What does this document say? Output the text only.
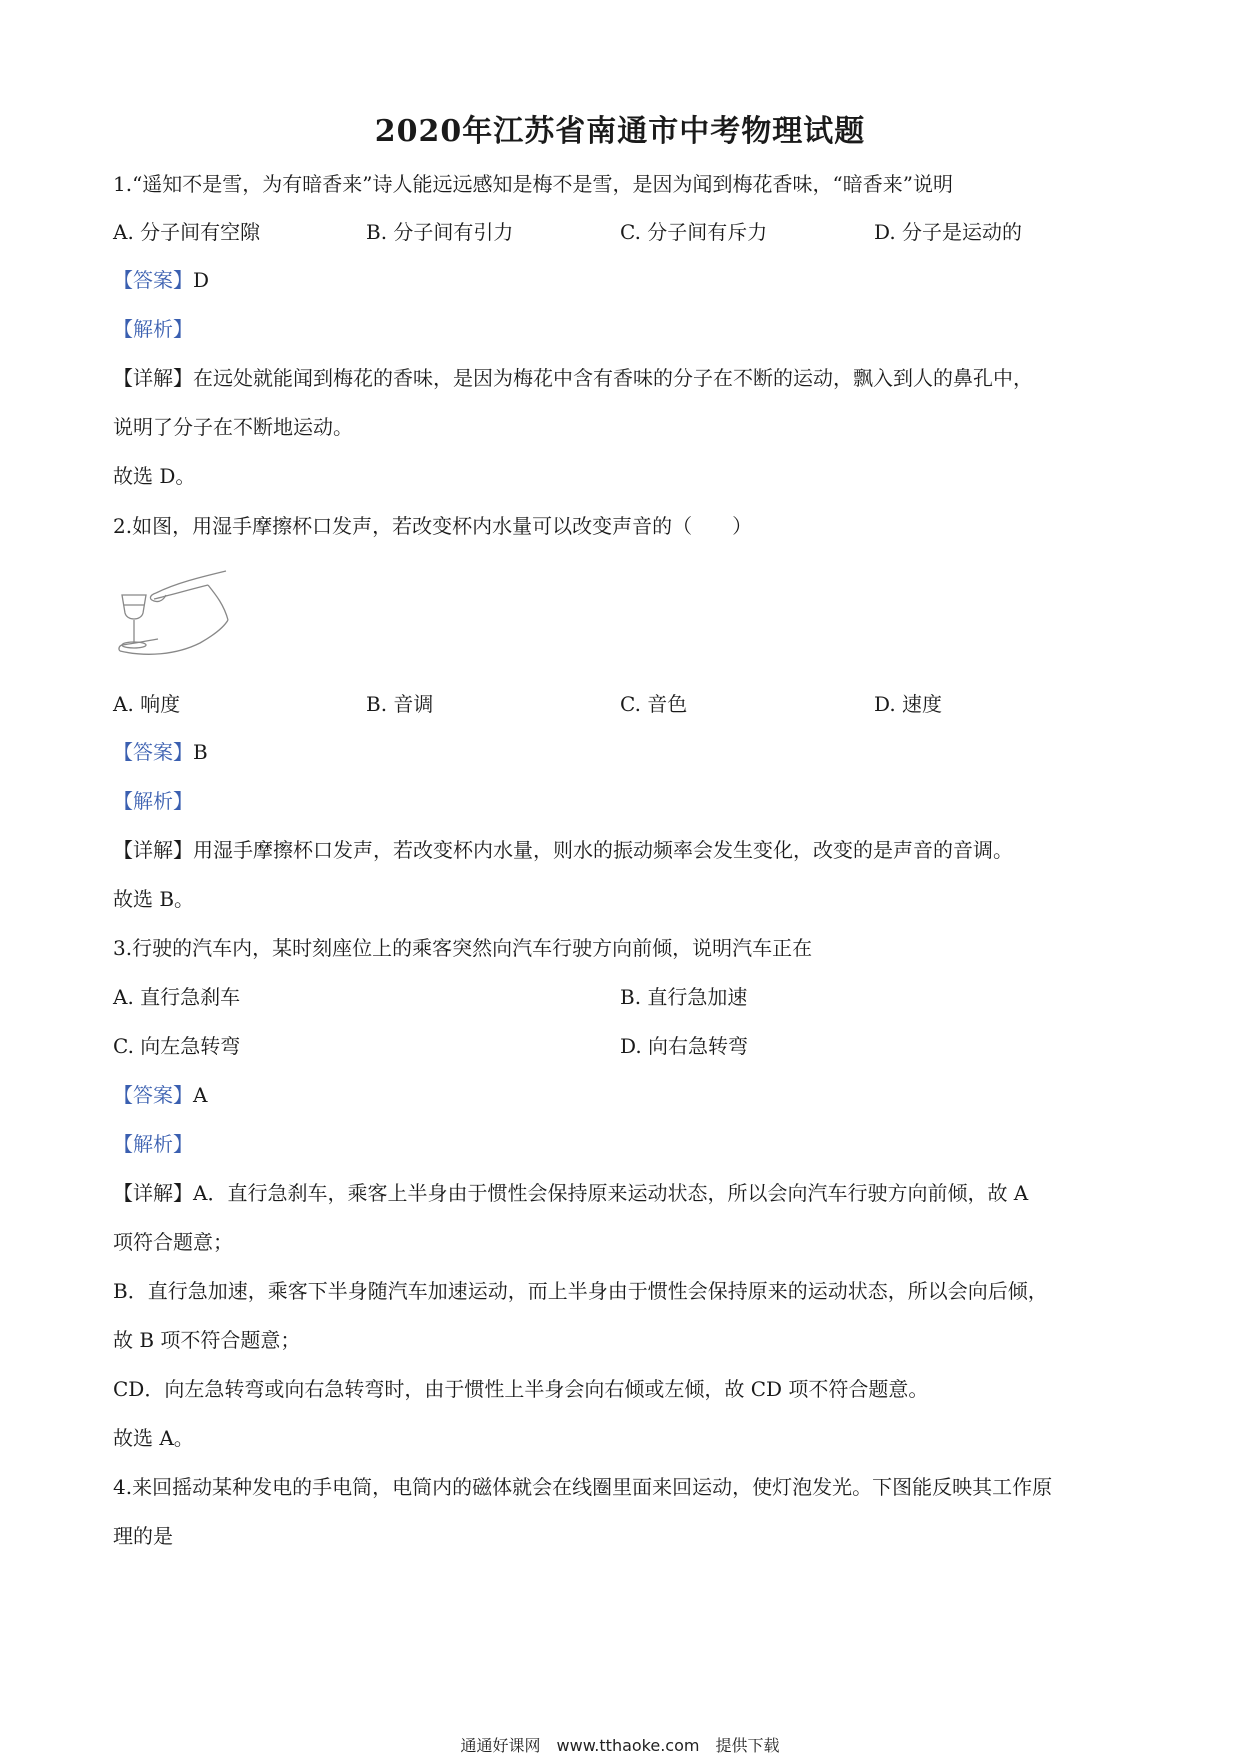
2020年江苏省南通市中考物理试题
1.“遥知不是雪，为有暗香来”诗人能远远感知是梅不是雪，是因为闻到梅花香味，“暗香来”说明
A. 分子间有空隙	B. 分子间有引力	C. 分子间有斥力	D. 分子是运动的
【答案】D
【解析】
【详解】在远处就能闻到梅花的香味，是因为梅花中含有香味的分子在不断的运动，飘入到人的鼻孔中，
说明了分子在不断地运动。
故选 D。
2.如图，用湿手摩擦杯口发声，若改变杯内水量可以改变声音的（　　）
A. 响度	B. 音调	C. 音色	D. 速度
【答案】B
【解析】
【详解】用湿手摩擦杯口发声，若改变杯内水量，则水的振动频率会发生变化，改变的是声音的音调。
故选 B。
3.行驶的汽车内，某时刻座位上的乘客突然向汽车行驶方向前倾，说明汽车正在
A. 直行急刹车	B. 直行急加速
C. 向左急转弯	D. 向右急转弯
【答案】A
【解析】
【详解】A．直行急刹车，乘客上半身由于惯性会保持原来运动状态，所以会向汽车行驶方向前倾，故 A
项符合题意；
B．直行急加速，乘客下半身随汽车加速运动，而上半身由于惯性会保持原来的运动状态，所以会向后倾，
故 B 项不符合题意；
CD．向左急转弯或向右急转弯时，由于惯性上半身会向右倾或左倾，故 CD 项不符合题意。
故选 A。
4.来回摇动某种发电的手电筒，电筒内的磁体就会在线圈里面来回运动，使灯泡发光。下图能反映其工作原
理的是
通通好课网　www.tthaoke.com　提供下载
